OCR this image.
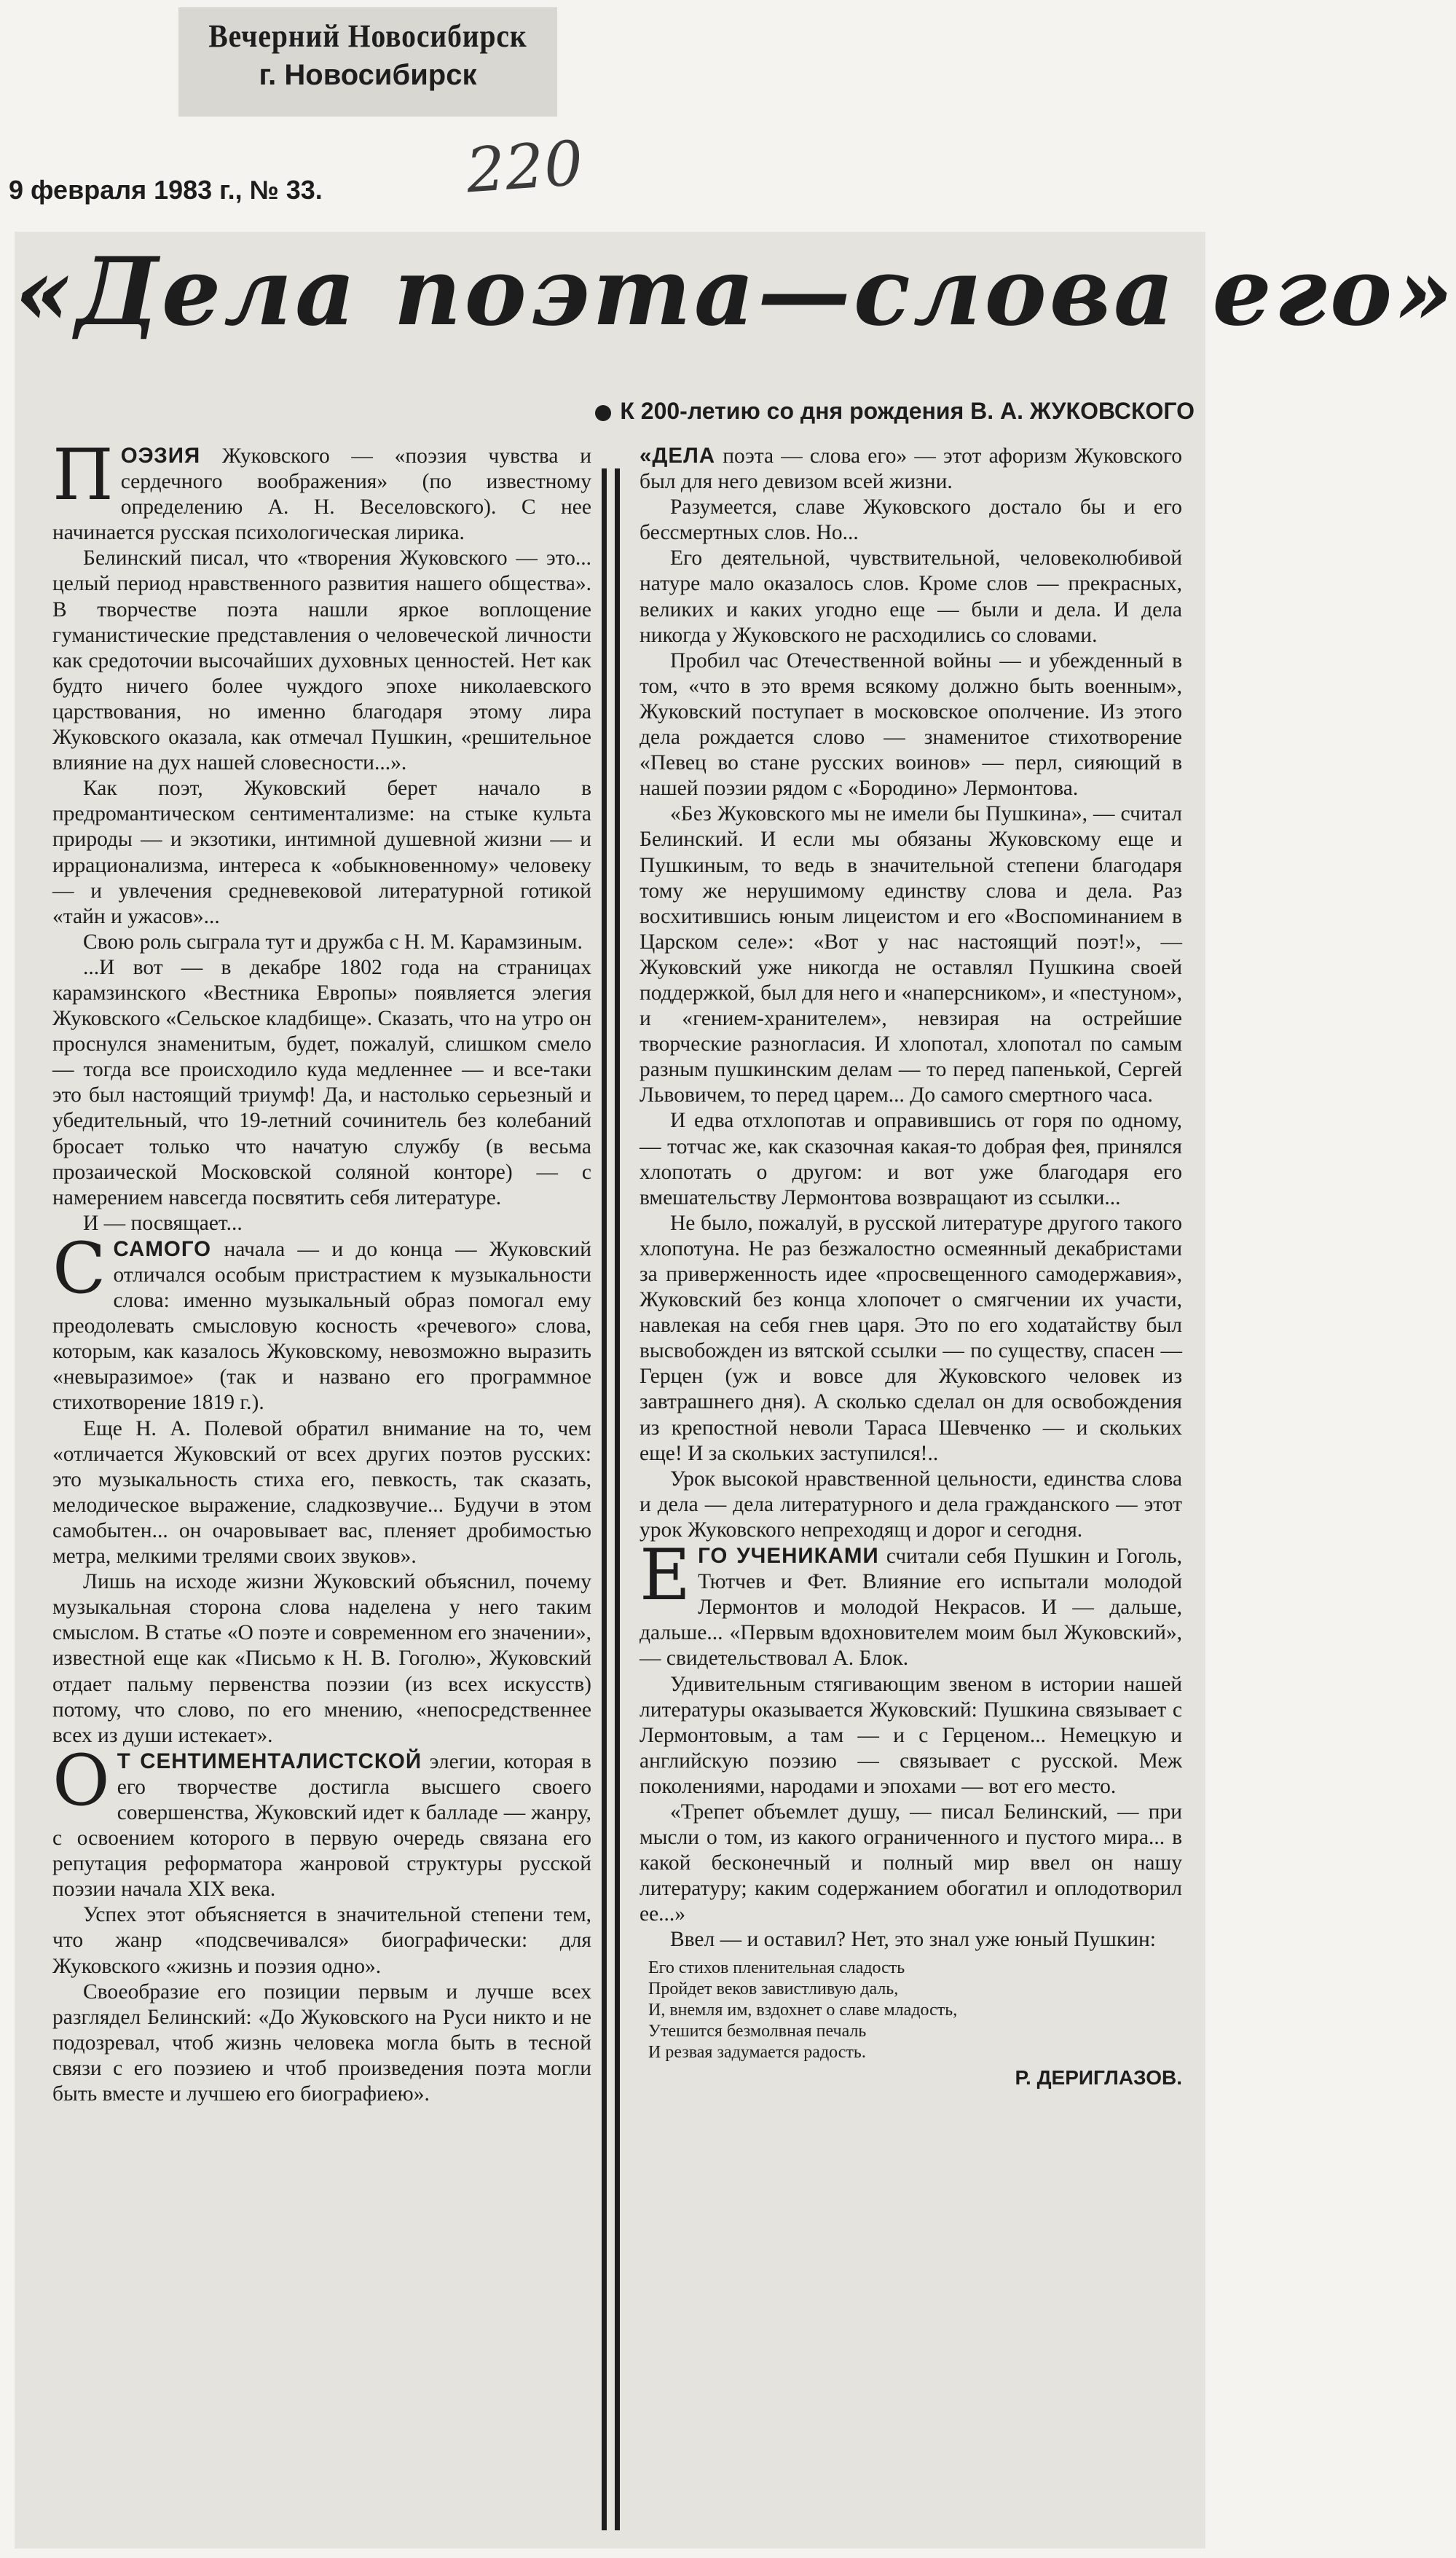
Вечерний Новосибирск
г. Новосибирск
9 февраля 1983 г., № 33. 220
«Дела поэта—слова его»
К 200-летию со дня рождения В. А. ЖУКОВСКОГО

ПОЭЗИЯ Жуковского — «поэзия чувства и сердечного воображения» (по известному определению А. Н. Веселовского). С нее начинается русская психологическая лирика.

Белинский писал, что «творения Жуковского — это... целый период нравственного развития нашего общества». В творчестве поэта нашли яркое воплощение гуманистические представления о человеческой личности как средоточии высочайших духовных ценностей. Нет как будто ничего более чуждого эпохе николаевского царствования, но именно благодаря этому лира Жуковского оказала, как отмечал Пушкин, «решительное влияние на дух нашей словесности...».

Как поэт, Жуковский берет начало в предромантическом сентиментализме: на стыке культа природы — и экзотики, интимной душевной жизни — и иррационализма, интереса к «обыкновенному» человеку — и увлечения средневековой литературной готикой «тайн и ужасов»...

Свою роль сыграла тут и дружба с Н. М. Карамзиным.

...И вот — в декабре 1802 года на страницах карамзинского «Вестника Европы» появляется элегия Жуковского «Сельское кладбище». Сказать, что на утро он проснулся знаменитым, будет, пожалуй, слишком смело — тогда все происходило куда медленнее — и все-таки это был настоящий триумф! Да, и настолько серьезный и убедительный, что 19-летний сочинитель без колебаний бросает только что начатую службу (в весьма прозаической Московской соляной конторе) — с намерением навсегда посвятить себя литературе.

И — посвящает...

ССАМОГО начала — и до конца — Жуковский отличался особым пристрастием к музыкальности слова: именно музыкальный образ помогал ему преодолевать смысловую косность «речевого» слова, которым, как казалось Жуковскому, невозможно выразить «невыразимое» (так и названо его программное стихотворение 1819 г.).

Еще Н. А. Полевой обратил внимание на то, чем «отличается Жуковский от всех других поэтов русских: это музыкальность стиха его, певкость, так сказать, мелодическое выражение, сладкозвучие... Будучи в этом самобытен... он очаровывает вас, пленяет дробимостью метра, мелкими трелями своих звуков».

Лишь на исходе жизни Жуковский объяснил, почему музыкальная сторона слова наделена у него таким смыслом. В статье «О поэте и современном его значении», известной еще как «Письмо к Н. В. Гоголю», Жуковский отдает пальму первенства поэзии (из всех искусств) потому, что слово, по его мнению, «непосредственнее всех из души истекает».

О Т СЕНТИМЕНТАЛИСТСКОЙ элегии, которая в его творчестве достигла высшего своего совершенства, Жуковский идет к балладе — жанру, с освоением которого в первую очередь связана его репутация реформатора жанровой структуры русской поэзии начала XIX века.

Успех этот объясняется в значительной степени тем, что жанр «подсвечивался» биографически: для Жуковского «жизнь и поэзия одно».

Своеобразие его позиции первым и лучше всех разглядел Белинский: «До Жуковского на Руси никто и не подозревал, чтоб жизнь человека могла быть в тесной связи с его поэзиею и чтоб произведения поэта могли быть вместе и лучшею его биографиею».

«ДЕЛА поэта — слова его» — этот афоризм Жуковского был для него девизом всей жизни.

Разумеется, славе Жуковского достало бы и его бессмертных слов. Но...

Его деятельной, чувствительной, человеколюбивой натуре мало оказалось слов. Кроме слов — прекрасных, великих и каких угодно еще — были и дела. И дела никогда у Жуковского не расходились со словами.

Пробил час Отечественной войны — и убежденный в том, «что в это время всякому должно быть военным», Жуковский поступает в московское ополчение. Из этого дела рождается слово — знаменитое стихотворение «Певец во стане русских воинов» — перл, сияющий в нашей поэзии рядом с «Бородино» Лермонтова.

«Без Жуковского мы не имели бы Пушкина», — считал Белинский. И если мы обязаны Жуковскому еще и Пушкиным, то ведь в значительной степени благодаря тому же нерушимому единству слова и дела. Раз восхитившись юным лицеистом и его «Воспоминанием в Царском селе»: «Вот у нас настоящий поэт!», — Жуковский уже никогда не оставлял Пушкина своей поддержкой, был для него и «наперсником», и «пестуном», и «гением-хранителем», невзирая на острейшие творческие разногласия. И хлопотал, хлопотал по самым разным пушкинским делам — то перед папенькой, Сергей Львовичем, то перед царем... До самого смертного часа.

И едва отхлопотав и оправившись от горя по одному, — тотчас же, как сказочная какая-то добрая фея, принялся хлопотать о другом: и вот уже благодаря его вмешательству Лермонтова возвращают из ссылки...

Не было, пожалуй, в русской литературе другого такого хлопотуна. Не раз безжалостно осмеянный декабристами за приверженность идее «просвещенного самодержавия», Жуковский без конца хлопочет о смягчении их участи, навлекая на себя гнев царя. Это по его ходатайству был высвобожден из вятской ссылки — по существу, спасен — Герцен (уж и вовсе для Жуковского человек из завтрашнего дня). А сколько сделал он для освобождения из крепостной неволи Тараса Шевченко — и скольких еще! И за скольких заступился!..

Урок высокой нравственной цельности, единства слова и дела — дела литературного и дела гражданского — этот урок Жуковского непреходящ и дорог и сегодня.

ЕГО УЧЕНИКАМИ считали себя Пушкин и Гоголь, Тютчев и Фет. Влияние его испытали молодой Лермонтов и молодой Некрасов. И — дальше, дальше... «Первым вдохновителем моим был Жуковский», — свидетельствовал А. Блок.

Удивительным стягивающим звеном в истории нашей литературы оказывается Жуковский: Пушкина связывает с Лермонтовым, а там — и с Герценом... Немецкую и английскую поэзию — связывает с русской. Меж поколениями, народами и эпохами — вот его место.

«Трепет объемлет душу, — писал Белинский, — при мысли о том, из какого ограниченного и пустого мира... в какой бесконечный и полный мир ввел он нашу литературу; каким содержанием обогатил и оплодотворил ее...»

Ввел — и оставил? Нет, это знал уже юный Пушкин:

Его стихов пленительная сладость
Пройдет веков завистливую даль,
И, внемля им, вздохнет о славе младость,
Утешится безмолвная печаль
И резвая задумается радость.
Р. ДЕРИГЛАЗОВ.
